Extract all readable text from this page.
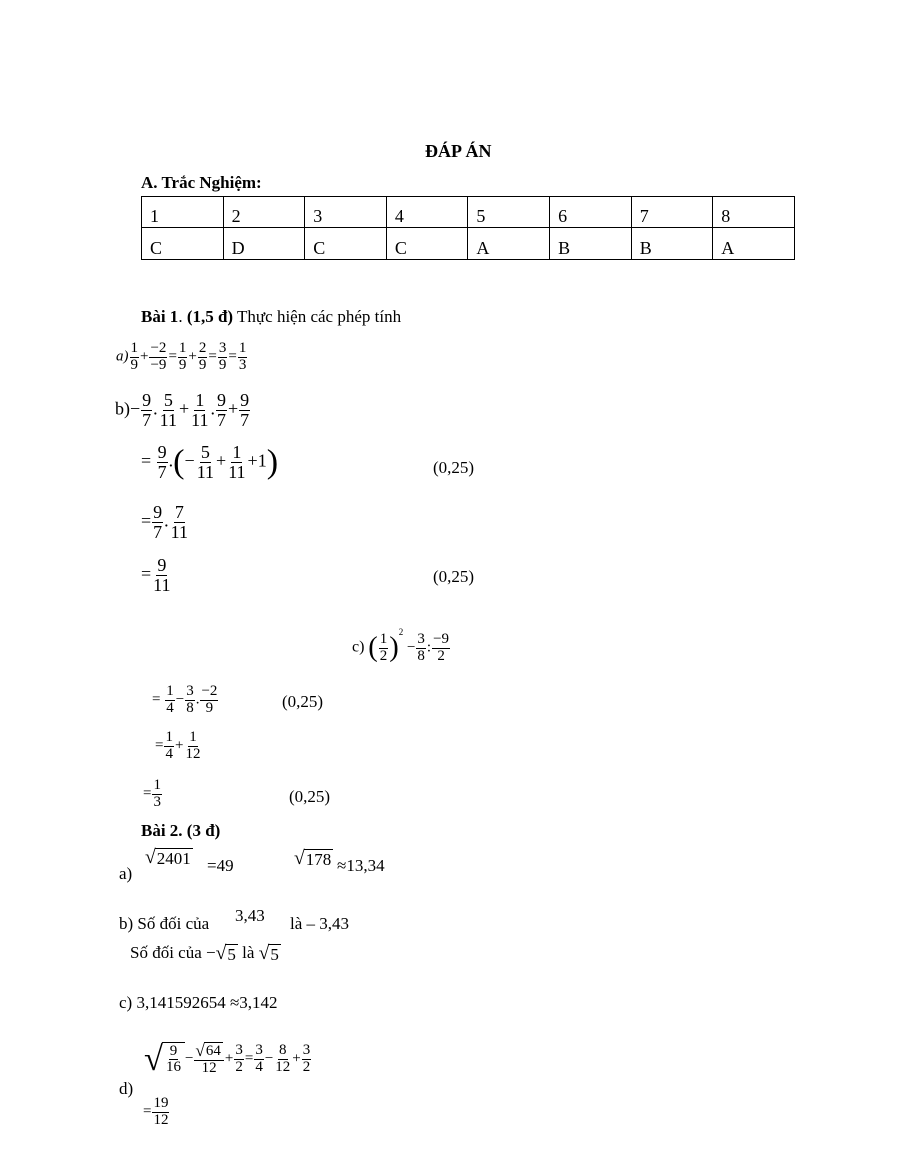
ĐÁP ÁN
A. Trắc Nghiệm:
1	2	3	4	5	6	7	8
C	D	C	C	A	B	B	A
Bài 1. (1,5 đ) Thực hiện các phép tính
$a) \frac{1}{9} + \frac{-2}{-9} = \frac{1}{9} + \frac{2}{9} = \frac{3}{9} = \frac{1}{3}$
$b)- \frac{9}{7}$ . $\frac{5}{11} + \frac{1}{11}$ . $\frac{9}{7} + \frac{9}{7}$
= $\frac{9}{7}$ .(− $\frac{5}{11} + \frac{1}{11} +1$)	(0,25)
= $\frac{9}{7}$ . $\frac{7}{11}$
= $\frac{9}{11}$	(0,25)
c) ( $\frac{1}{2} )^2 - \frac{3}{8}$ : $\frac{-9}{2}$
= $\frac{1}{4} - \frac{3}{8}$ . $\frac{-2}{9}$	(0,25)
= $\frac{1}{4} + \frac{1}{12}$
= $\frac{1}{3}$	(0,25)
Bài 2. (3 đ)
a)
√ 2401 =49	√ 178 ≈13,34
b) Số đối của 3,43 là – 3,43
Số đối của − √ 5 là √ 5
c) 3,141592654 ≈3,142
d)
√ 9
16
− $\frac{√ 64}{12} + \frac{3}{2} = \frac{3}{4} - \frac{8}{12} + \frac{3}{2}$
= $\frac{19}{12}$
